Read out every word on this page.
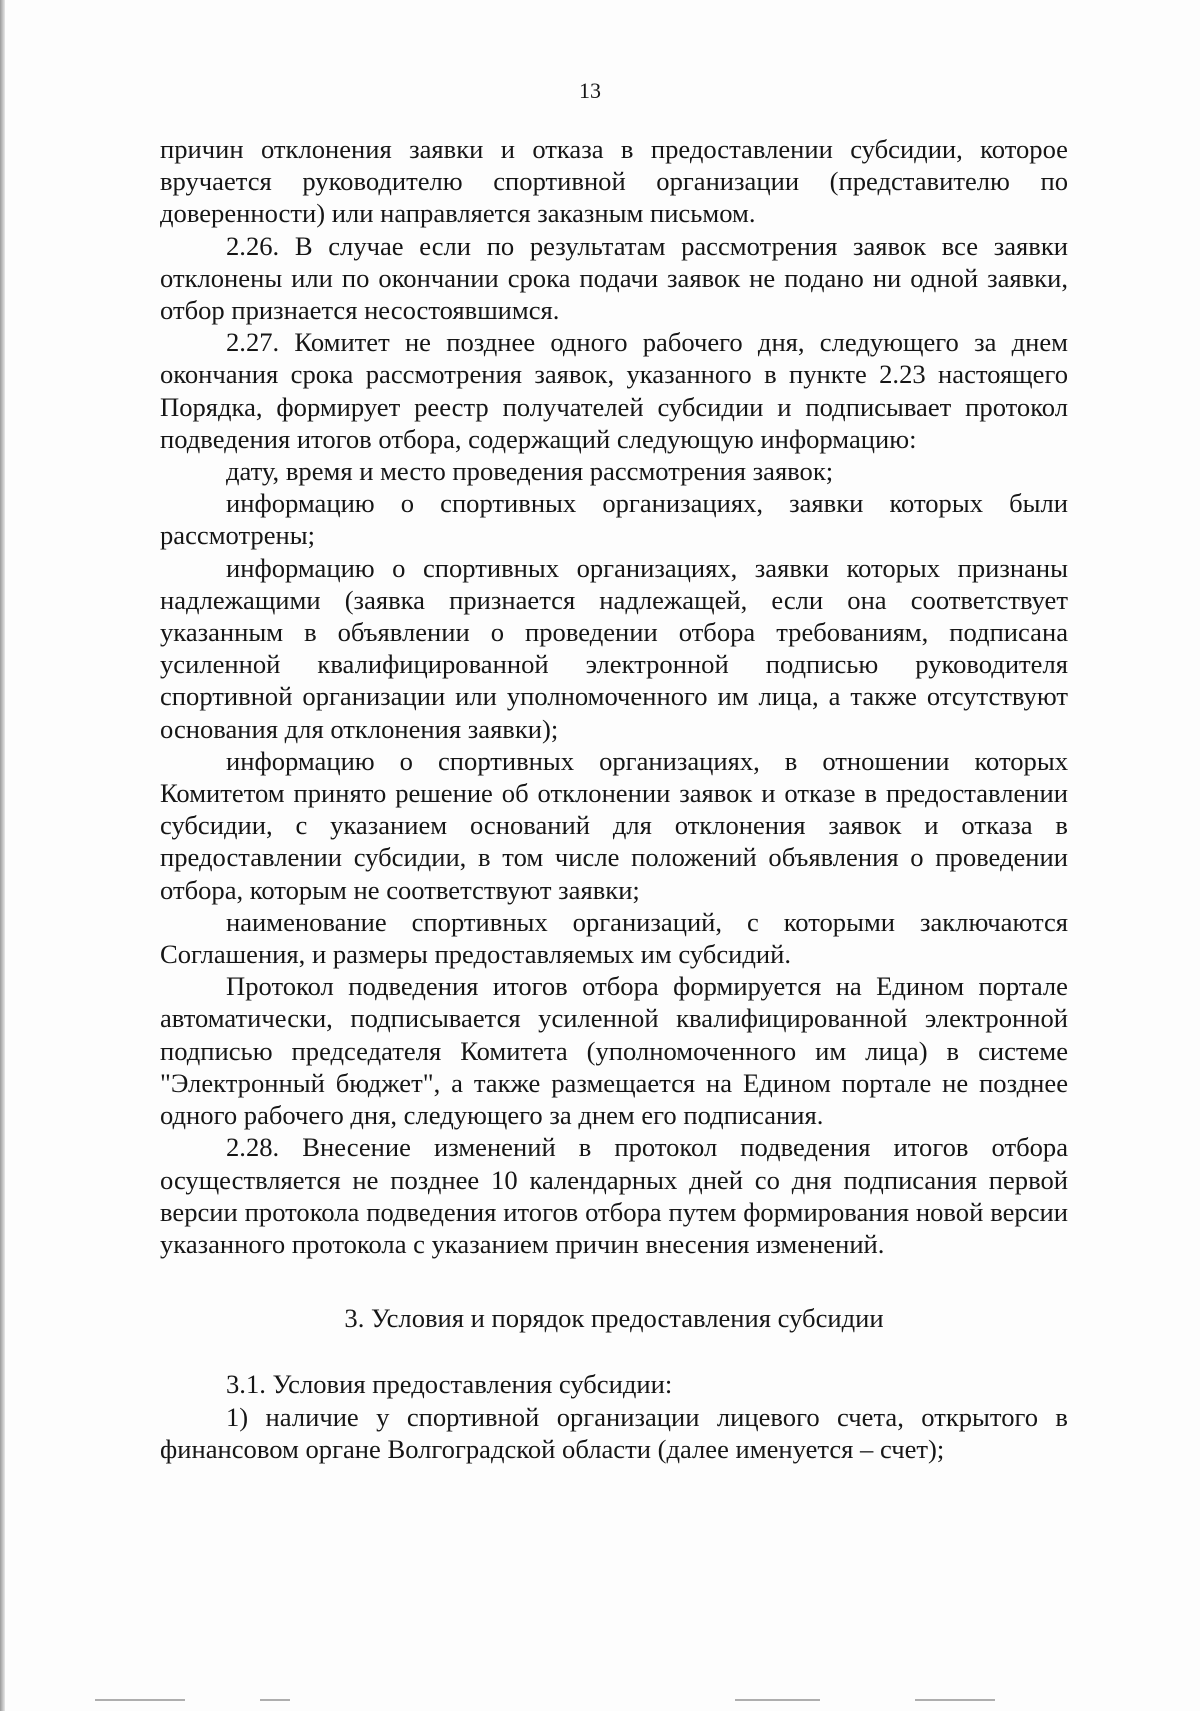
13

причин отклонения заявки и отказа в предоставлении субсидии, которое вручается руководителю спортивной организации (представителю по доверенности) или направляется заказным письмом.

2.26. В случае если по результатам рассмотрения заявок все заявки отклонены или по окончании срока подачи заявок не подано ни одной заявки, отбор признается несостоявшимся.

2.27. Комитет не позднее одного рабочего дня, следующего за днем окончания срока рассмотрения заявок, указанного в пункте 2.23 настоящего Порядка, формирует реестр получателей субсидии и подписывает протокол подведения итогов отбора, содержащий следующую информацию:

дату, время и место проведения рассмотрения заявок;

информацию о спортивных организациях, заявки которых были рассмотрены;

информацию о спортивных организациях, заявки которых признаны надлежащими (заявка признается надлежащей, если она соответствует указанным в объявлении о проведении отбора требованиям, подписана усиленной квалифицированной электронной подписью руководителя спортивной организации или уполномоченного им лица, а также отсутствуют основания для отклонения заявки);

информацию о спортивных организациях, в отношении которых Комитетом принято решение об отклонении заявок и отказе в предоставлении субсидии, с указанием оснований для отклонения заявок и отказа в предоставлении субсидии, в том числе положений объявления о проведении отбора, которым не соответствуют заявки;

наименование спортивных организаций, с которыми заключаются Соглашения, и размеры предоставляемых им субсидий.

Протокол подведения итогов отбора формируется на Едином портале автоматически, подписывается усиленной квалифицированной электронной подписью председателя Комитета (уполномоченного им лица) в системе "Электронный бюджет", а также размещается на Едином портале не позднее одного рабочего дня, следующего за днем его подписания.

2.28. Внесение изменений в протокол подведения итогов отбора осуществляется не позднее 10 календарных дней со дня подписания первой версии протокола подведения итогов отбора путем формирования новой версии указанного протокола с указанием причин внесения изменений.

3. Условия и порядок предоставления субсидии

3.1. Условия предоставления субсидии:

1) наличие у спортивной организации лицевого счета, открытого в финансовом органе Волгоградской области (далее именуется – счет);
